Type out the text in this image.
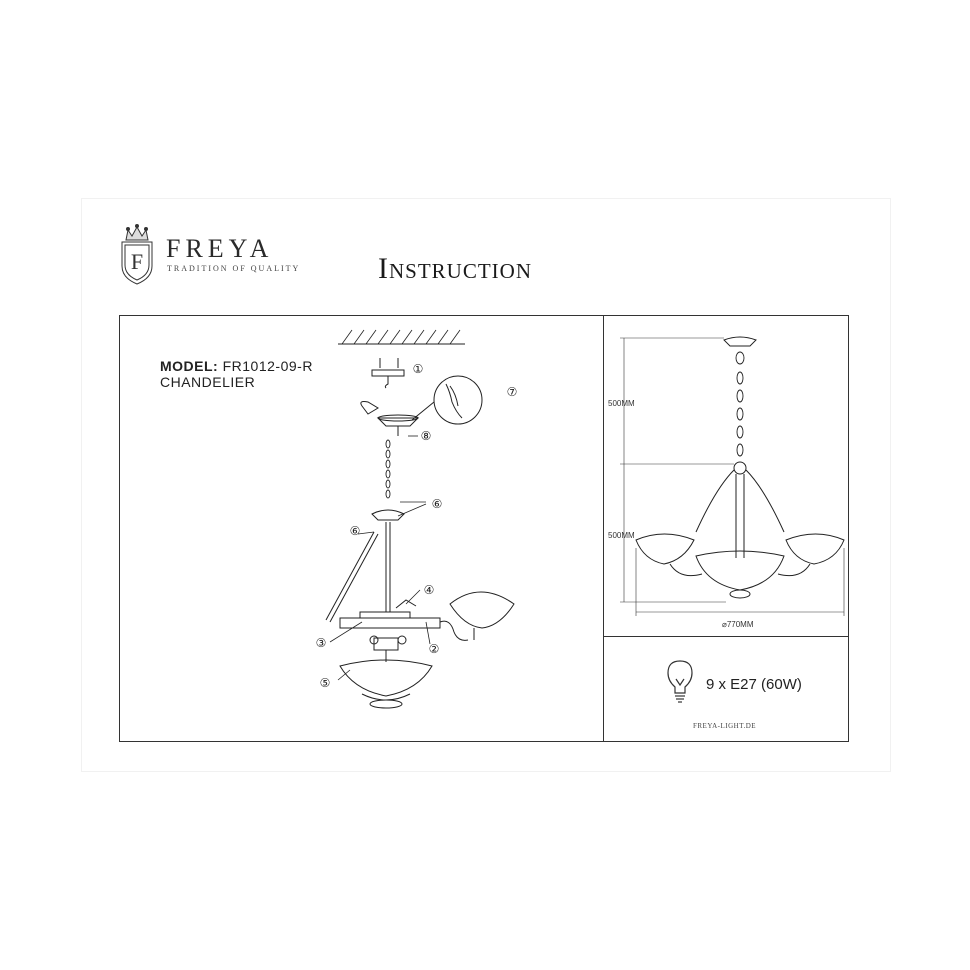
F FREYA
TRADITION OF QUALITY	Instruction
MODEL: FR1012-09-R
CHANDELIER
①
⑦
⑧
⑥
⑥
④
③	②
⑤
500MM
500MM
⌀770MM
9 x E27 (60W)
FREYA-LIGHT.DE
